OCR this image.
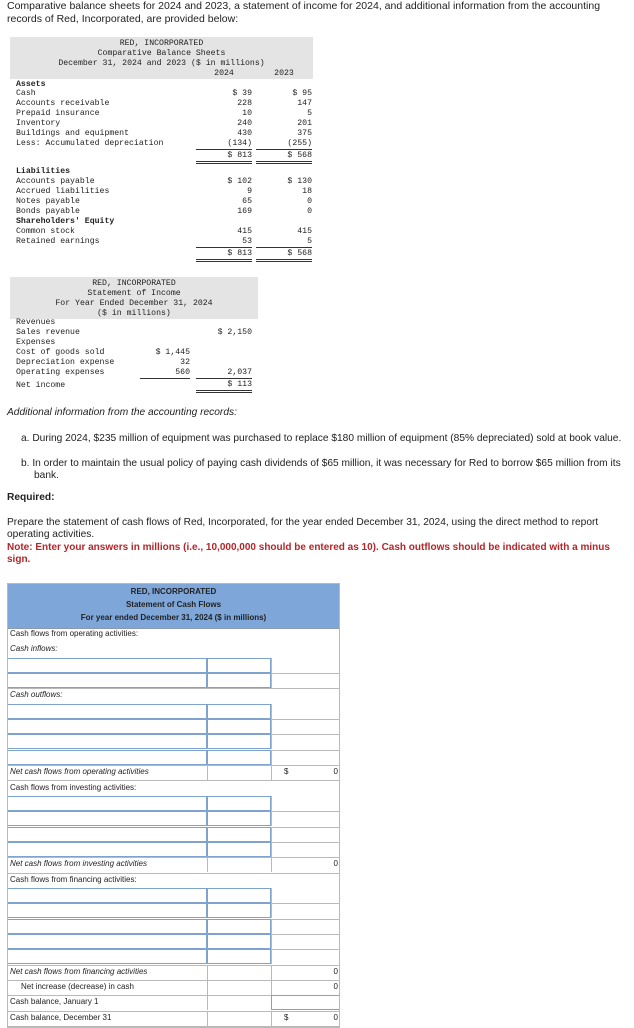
Comparative balance sheets for 2024 and 2023, a statement of income for 2024, and additional information from the accounting records of Red, Incorporated, are provided below:
RED, INCORPORATED
Comparative Balance Sheets
December 31, 2024 and 2023 ($ in millions)
2024	2023
Assets
Cash	$ 39	$ 95
Accounts receivable	228	147
Prepaid insurance	10	5
Inventory	240	201
Buildings and equipment	430	375
Less: Accumulated depreciation	(134)	(255)
$ 813	$ 568
Liabilities
Accounts payable	$ 102	$ 130
Accrued liabilities	9	18
Notes payable	65	0
Bonds payable	169	0
Shareholders' Equity
Common stock	415	415
Retained earnings	53	5
$ 813	$ 568
RED, INCORPORATED
Statement of Income
For Year Ended December 31, 2024
($ in millions)
Revenues
Sales revenue	$ 2,150
Expenses
Cost of goods sold	$ 1,445
Depreciation expense	32
Operating expenses	560	2,037
Net income	$ 113
Additional information from the accounting records:
a. During 2024, $235 million of equipment was purchased to replace $180 million of equipment (85% depreciated) sold at book value.
b. In order to maintain the usual policy of paying cash dividends of $65 million, it was necessary for Red to borrow $65 million from its bank.
Required:
Prepare the statement of cash flows of Red, Incorporated, for the year ended December 31, 2024, using the direct method to report operating activities.
Note: Enter your answers in millions (i.e., 10,000,000 should be entered as 10). Cash outflows should be indicated with a minus sign.
RED, INCORPORATED
Statement of Cash Flows
For year ended December 31, 2024 ($ in millions)
Cash flows from operating activities:
Cash inflows:
Cash outflows:
Net cash flows from operating activities	$	0
Cash flows from investing activities:
Net cash flows from investing activities	0
Cash flows from financing activities:
Net cash flows from financing activities	0
Net increase (decrease) in cash	0
Cash balance, January 1
Cash balance, December 31	$	0
